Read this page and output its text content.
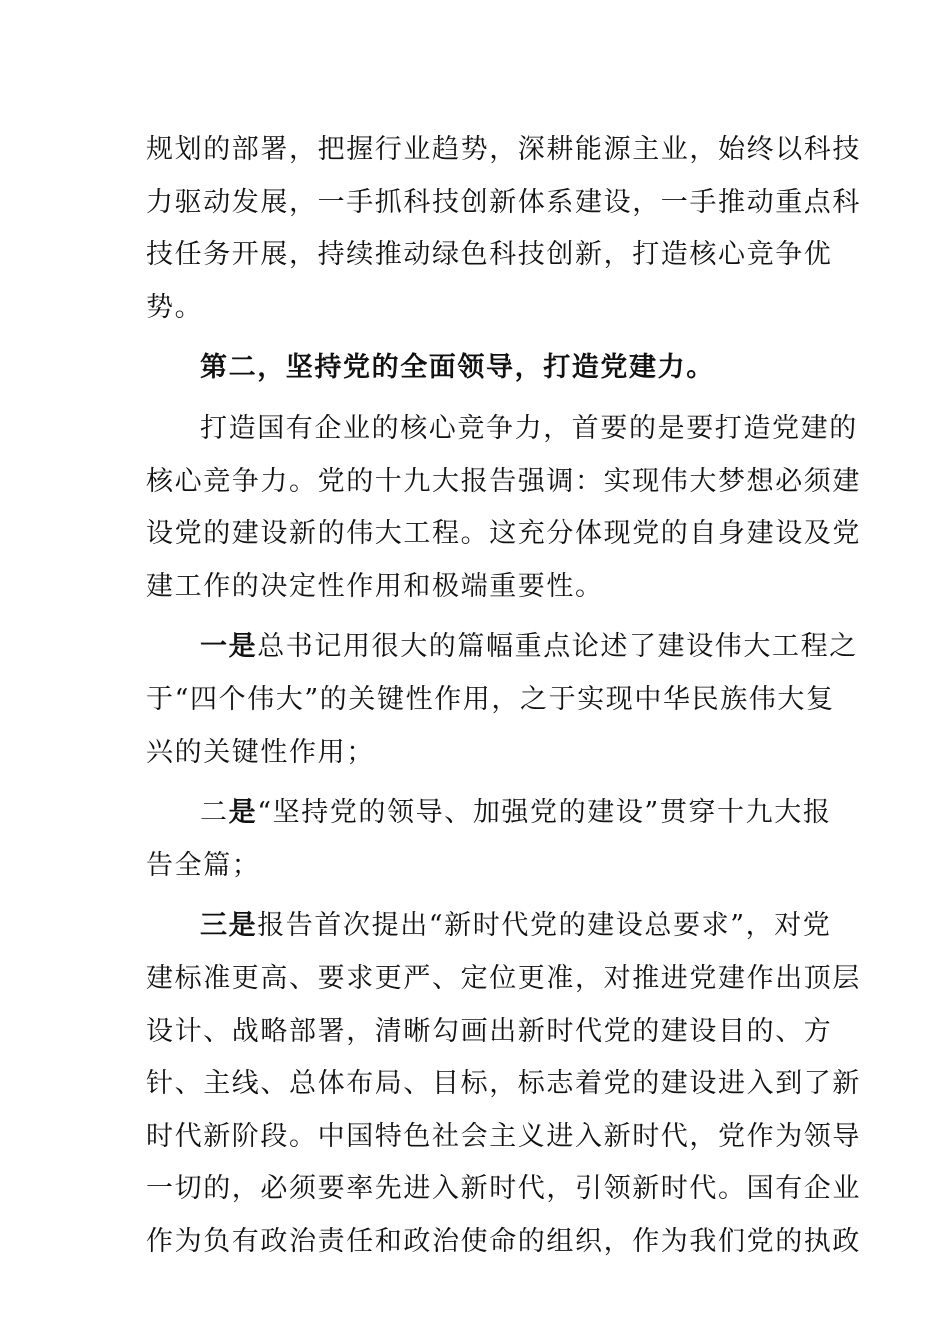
规划的部署，把握行业趋势，深耕能源主业，始终以科技
力驱动发展，一手抓科技创新体系建设，一手推动重点科
技任务开展，持续推动绿色科技创新，打造核心竞争优
势。
第二，坚持党的全面领导，打造党建力。
打造国有企业的核心竞争力，首要的是要打造党建的
核心竞争力。党的十九大报告强调：实现伟大梦想必须建
设党的建设新的伟大工程。这充分体现党的自身建设及党
建工作的决定性作用和极端重要性。
一是总书记用很大的篇幅重点论述了建设伟大工程之
于“四个伟大”的关键性作用，之于实现中华民族伟大复
兴的关键性作用；
二是“坚持党的领导、加强党的建设”贯穿十九大报
告全篇；
三是报告首次提出“新时代党的建设总要求”，对党
建标准更高、要求更严、定位更准，对推进党建作出顶层
设计、战略部署，清晰勾画出新时代党的建设目的、方
针、主线、总体布局、目标，标志着党的建设进入到了新
时代新阶段。中国特色社会主义进入新时代，党作为领导
一切的，必须要率先进入新时代，引领新时代。国有企业
作为负有政治责任和政治使命的组织，作为我们党的执政
